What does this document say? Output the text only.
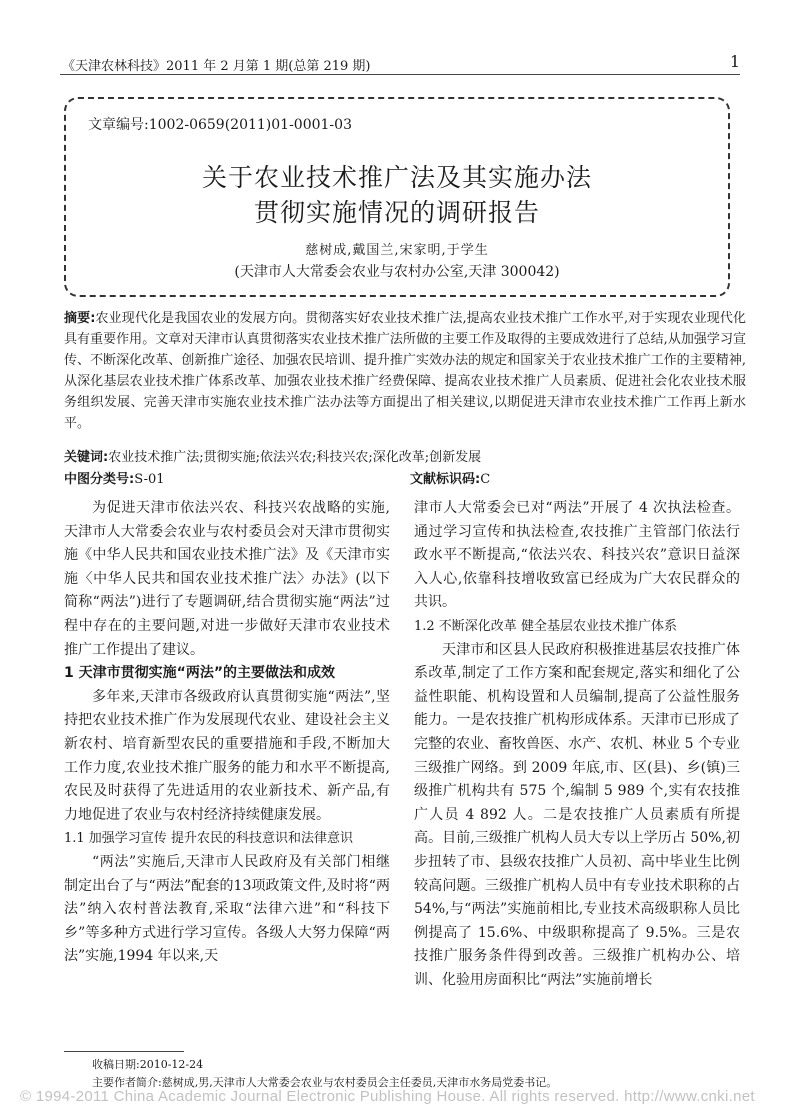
《天津农林科技》2011 年 2 月第 1 期(总第 219 期)	1
文章编号:1002-0659(2011)01-0001-03
关于农业技术推广法及其实施办法
贯彻实施情况的调研报告
慈树成,戴国兰,宋家明,于学生
(天津市人大常委会农业与农村办公室,天津 300042)
摘要:农业现代化是我国农业的发展方向。贯彻落实好农业技术推广法,提高农业技术推广工作水平,对于实现农业现代化具有重要作用。文章对天津市认真贯彻落实农业技术推广法所做的主要工作及取得的主要成效进行了总结,从加强学习宣传、不断深化改革、创新推广途径、加强农民培训、提升推广实效办法的规定和国家关于农业技术推广工作的主要精神,从深化基层农业技术推广体系改革、加强农业技术推广经费保障、提高农业技术推广人员素质、促进社会化农业技术服务组织发展、完善天津市实施农业技术推广法办法等方面提出了相关建议,以期促进天津市农业技术推广工作再上新水平。
关键词:农业技术推广法;贯彻实施;依法兴农;科技兴农;深化改革;创新发展
中图分类号:S-01	文献标识码:C

为促进天津市依法兴农、科技兴农战略的实施,天津市人大常委会农业与农村委员会对天津市贯彻实施《中华人民共和国农业技术推广法》及《天津市实施〈中华人民共和国农业技术推广法〉办法》(以下简称“两法”)进行了专题调研,结合贯彻实施“两法”过程中存在的主要问题,对进一步做好天津市农业技术推广工作提出了建议。

1 天津市贯彻实施“两法”的主要做法和成效

多年来,天津市各级政府认真贯彻实施“两法”,坚持把农业技术推广作为发展现代农业、建设社会主义新农村、培育新型农民的重要措施和手段,不断加大工作力度,农业技术推广服务的能力和水平不断提高,农民及时获得了先进适用的农业新技术、新产品,有力地促进了农业与农村经济持续健康发展。

1.1 加强学习宣传 提升农民的科技意识和法律意识

“两法”实施后,天津市人民政府及有关部门相继制定出台了与“两法”配套的13项政策文件,及时将“两法”纳入农村普法教育,采取“法律六进”和“科技下乡”等多种方式进行学习宣传。各级人大努力保障“两法”实施,1994 年以来,天

津市人大常委会已对“两法”开展了 4 次执法检查。通过学习宣传和执法检查,农技推广主管部门依法行政水平不断提高,“依法兴农、科技兴农”意识日益深入人心,依靠科技增收致富已经成为广大农民群众的共识。

1.2 不断深化改革 健全基层农业技术推广体系

天津市和区县人民政府积极推进基层农技推广体系改革,制定了工作方案和配套规定,落实和细化了公益性职能、机构设置和人员编制,提高了公益性服务能力。一是农技推广机构形成体系。天津市已形成了完整的农业、畜牧兽医、水产、农机、林业 5 个专业三级推广网络。到 2009 年底,市、区(县)、乡(镇)三级推广机构共有 575 个,编制 5 989 个,实有农技推广人员 4 892 人。二是农技推广人员素质有所提高。目前,三级推广机构人员大专以上学历占 50%,初步扭转了市、县级农技推广人员初、高中毕业生比例较高问题。三级推广机构人员中有专业技术职称的占 54%,与“两法”实施前相比,专业技术高级职称人员比例提高了 15.6%、中级职称提高了 9.5%。三是农技推广服务条件得到改善。三级推广机构办公、培训、化验用房面积比“两法”实施前增长

收稿日期:2010-12-24
主要作者简介:慈树成,男,天津市人大常委会农业与农村委员会主任委员,天津市水务局党委书记。
© 1994-2011 China Academic Journal Electronic Publishing House. All rights reserved. http://www.cnki.net
